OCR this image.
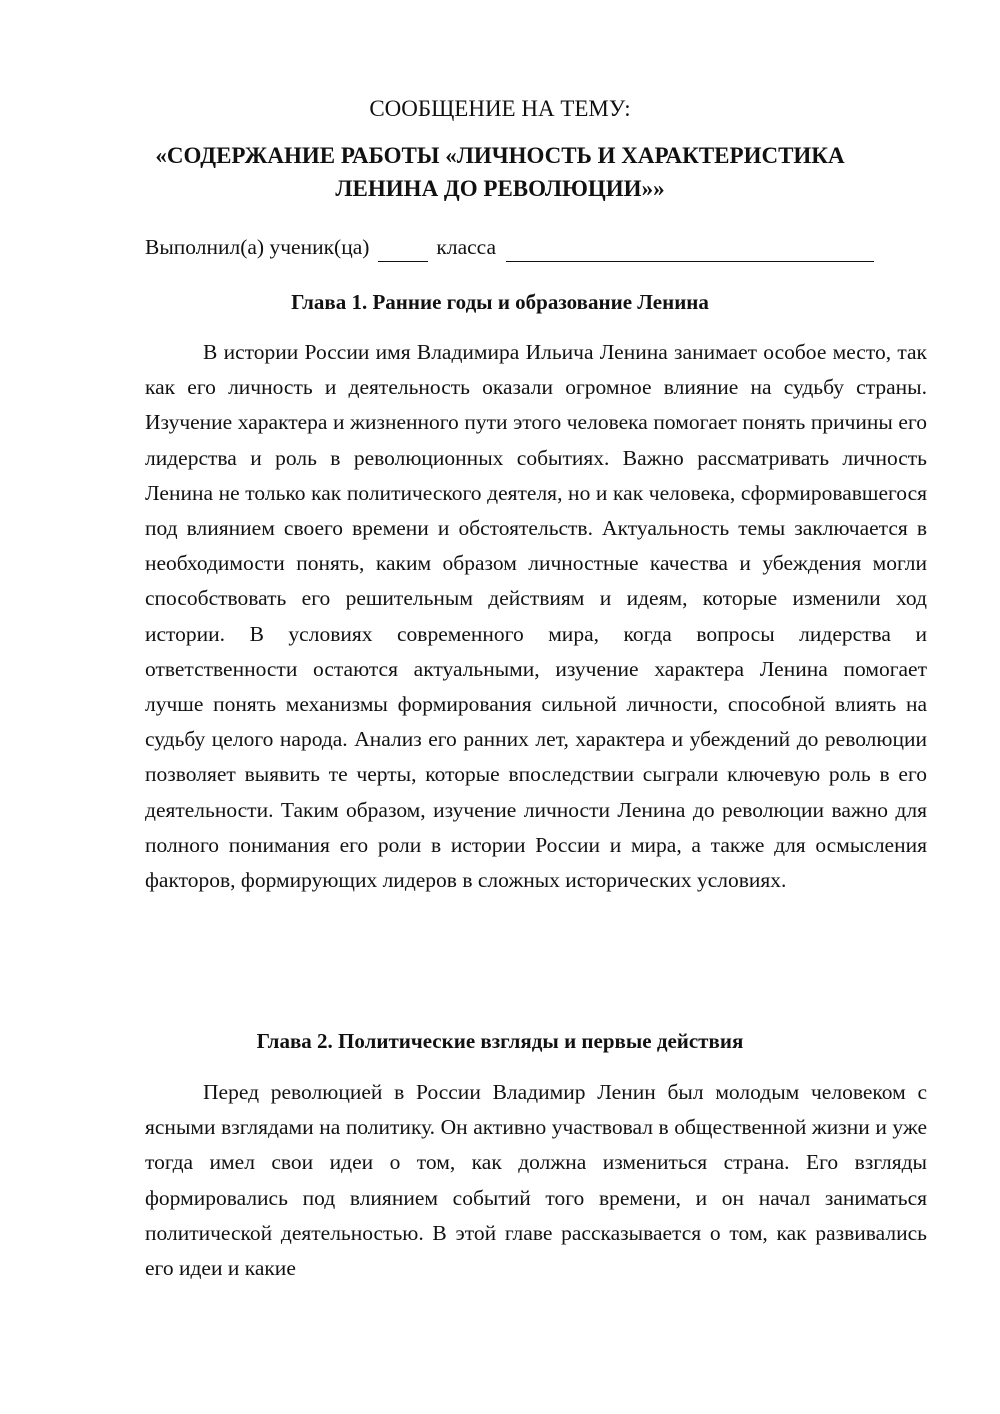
СООБЩЕНИЕ НА ТЕМУ:
«СОДЕРЖАНИЕ РАБОТЫ «ЛИЧНОСТЬ И ХАРАКТЕРИСТИКА
ЛЕНИНА ДО РЕВОЛЮЦИИ»»
Выполнил(а) ученик(ца)	класса
Глава 1. Ранние годы и образование Ленина

В истории России имя Владимира Ильича Ленина занимает особое место, так как его личность и деятельность оказали огромное влияние на судьбу страны. Изучение характера и жизненного пути этого человека помогает понять причины его лидерства и роль в революционных событиях. Важно рассматривать личность Ленина не только как политического деятеля, но и как человека, сформировавшегося под влиянием своего времени и обстоятельств. Актуальность темы заключается в необходимости понять, каким образом личностные качества и убеждения могли способствовать его решительным действиям и идеям, которые изменили ход истории. В условиях современного мира, когда вопросы лидерства и ответственности остаются актуальными, изучение характера Ленина помогает лучше понять механизмы формирования сильной личности, способной влиять на судьбу целого народа. Анализ его ранних лет, характера и убеждений до революции позволяет выявить те черты, которые впоследствии сыграли ключевую роль в его деятельности. Таким образом, изучение личности Ленина до революции важно для полного понимания его роли в истории России и мира, а также для осмысления факторов, формирующих лидеров в сложных исторических условиях.

Глава 2. Политические взгляды и первые действия

Перед революцией в России Владимир Ленин был молодым человеком с ясными взглядами на политику. Он активно участвовал в общественной жизни и уже тогда имел свои идеи о том, как должна измениться страна. Его взгляды формировались под влиянием событий того времени, и он начал заниматься политической деятельностью. В этой главе рассказывается о том, как развивались его идеи и какие
